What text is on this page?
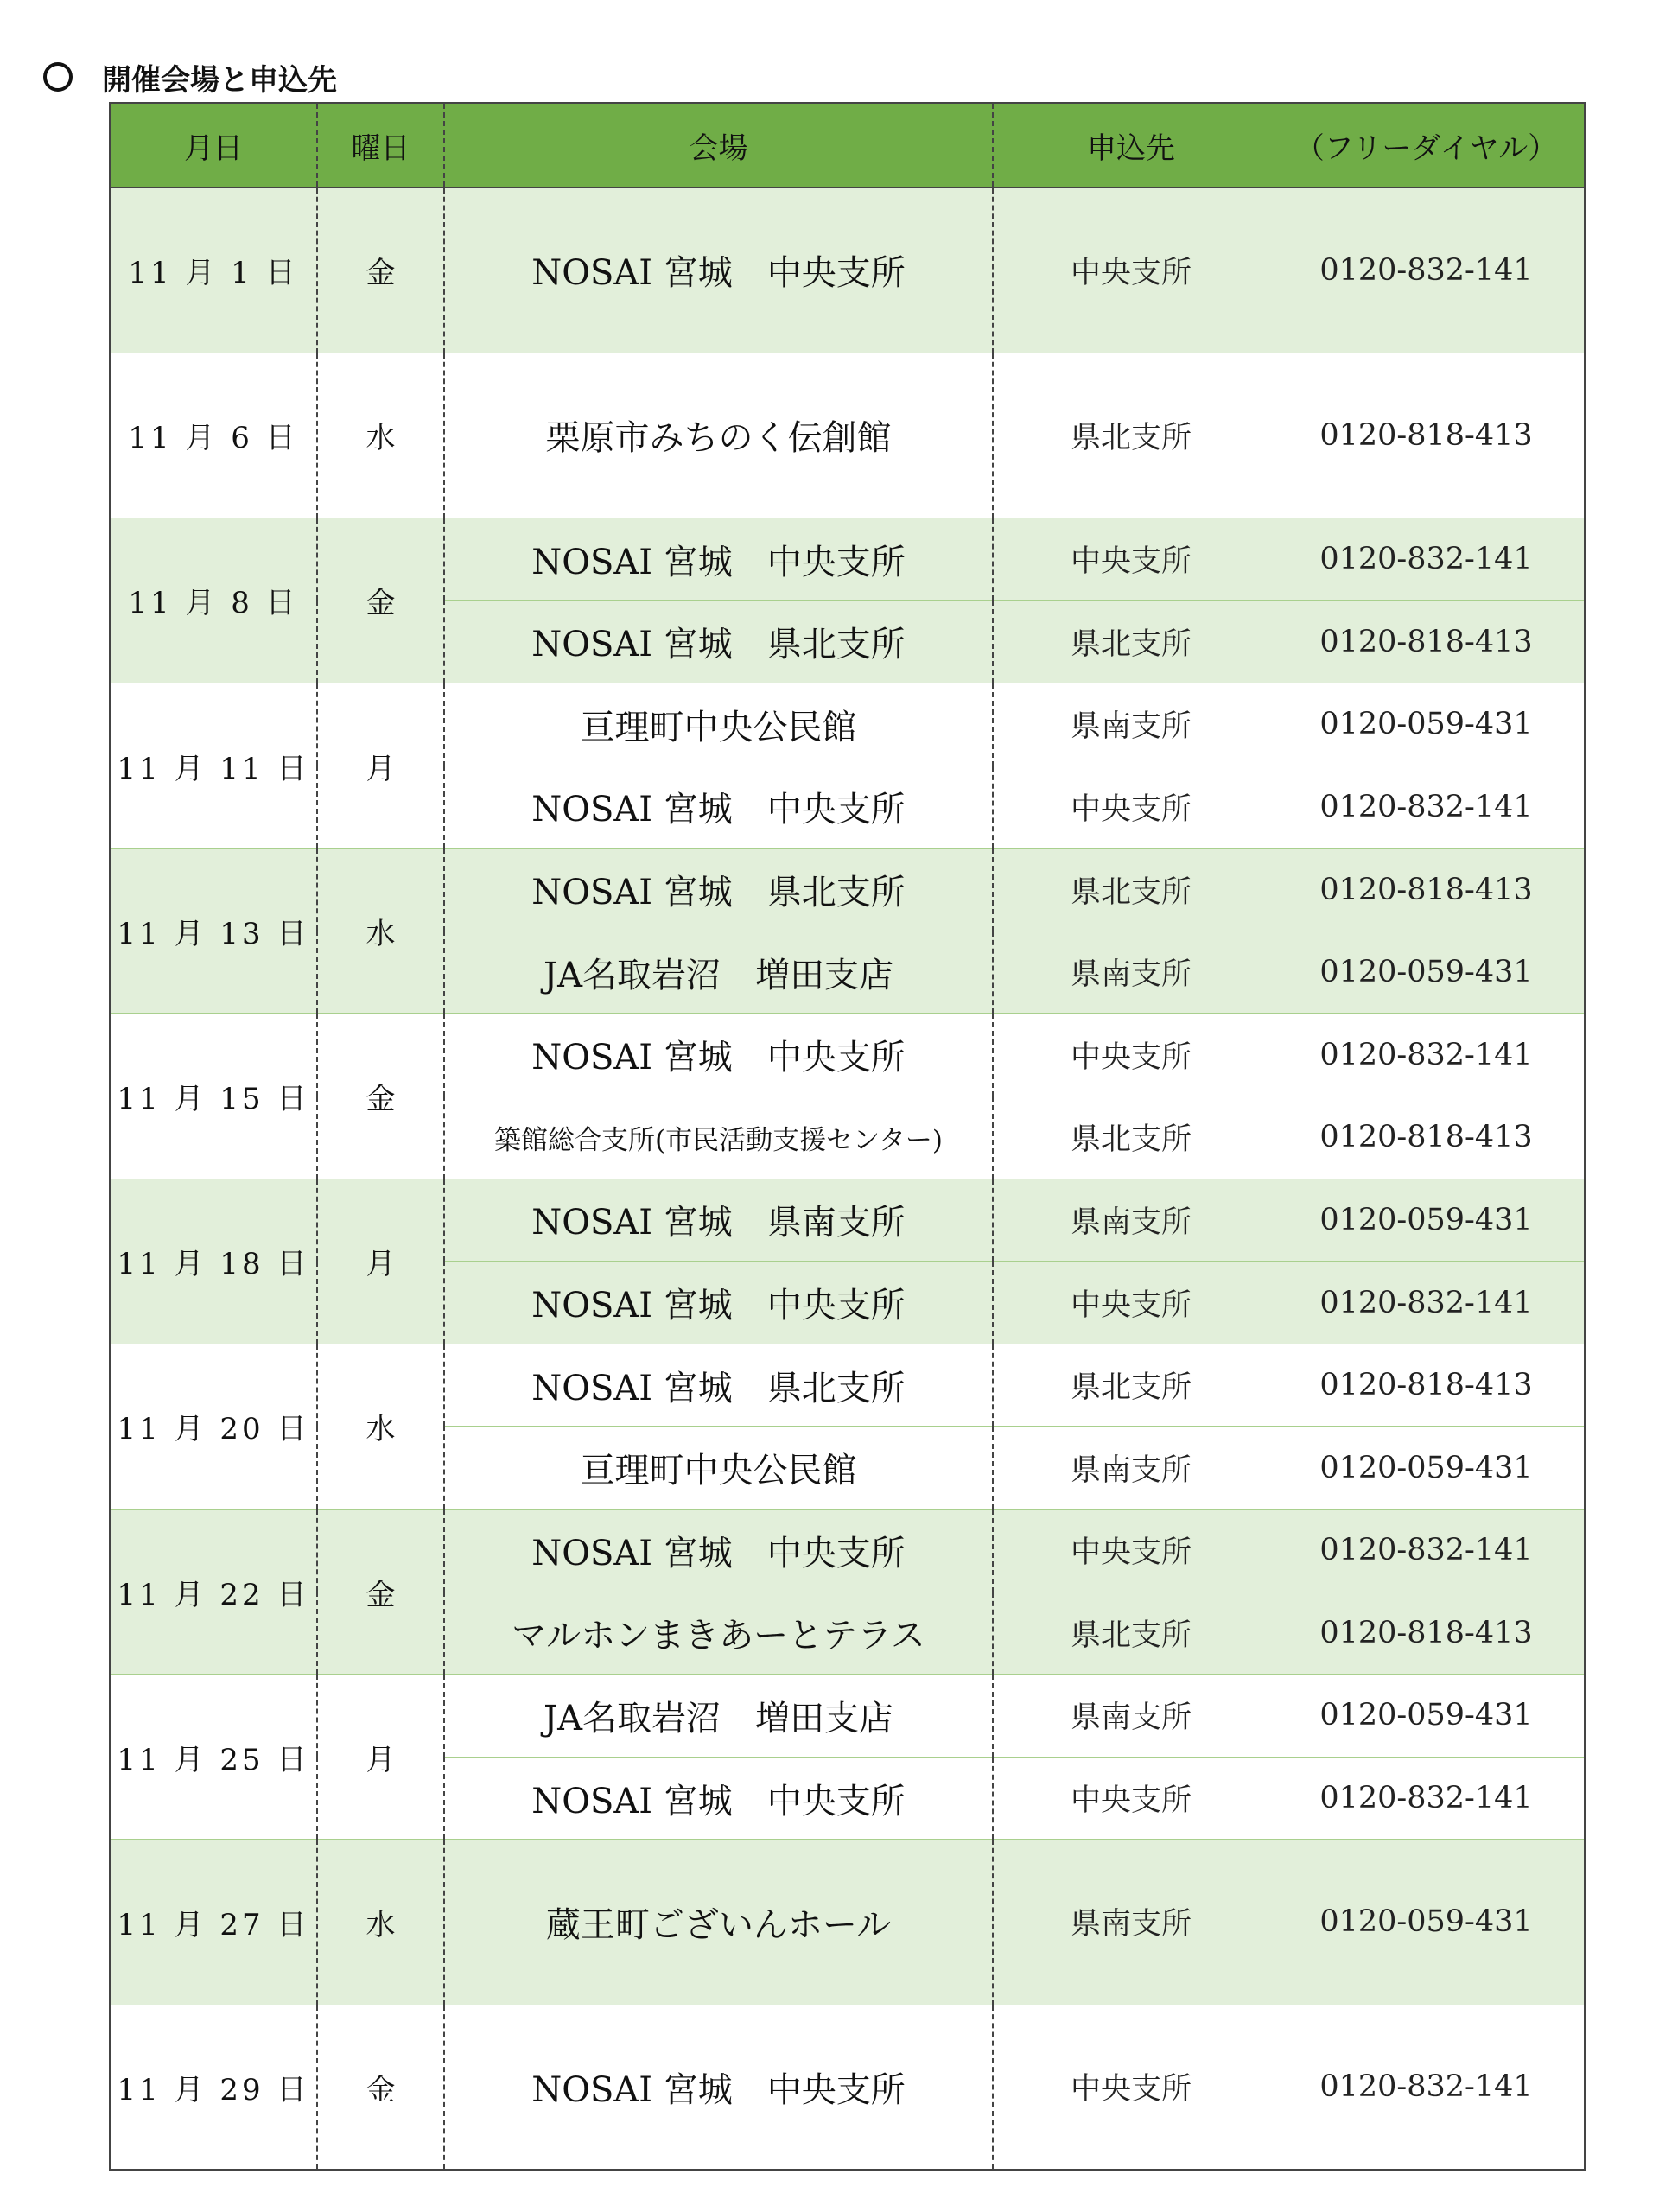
開催会場と申込先
月日	曜日	会場	申込先	（フリーダイヤル）
11 月 1 日	金	NOSAI 宮城　中央支所	中央支所	0120-832-141
11 月 6 日	水	栗原市みちのく伝創館	県北支所	0120-818-413
11 月 8 日	金	NOSAI 宮城　中央支所	中央支所	0120-832-141
		NOSAI 宮城　県北支所	県北支所	0120-818-413
11 月 11 日	月	亘理町中央公民館	県南支所	0120-059-431
		NOSAI 宮城　中央支所	中央支所	0120-832-141
11 月 13 日	水	NOSAI 宮城　県北支所	県北支所	0120-818-413
		JA名取岩沼　増田支店	県南支所	0120-059-431
11 月 15 日	金	NOSAI 宮城　中央支所	中央支所	0120-832-141
		築館総合支所(市民活動支援センター)	県北支所	0120-818-413
11 月 18 日	月	NOSAI 宮城　県南支所	県南支所	0120-059-431
		NOSAI 宮城　中央支所	中央支所	0120-832-141
11 月 20 日	水	NOSAI 宮城　県北支所	県北支所	0120-818-413
		亘理町中央公民館	県南支所	0120-059-431
11 月 22 日	金	NOSAI 宮城　中央支所	中央支所	0120-832-141
		マルホンまきあーとテラス	県北支所	0120-818-413
11 月 25 日	月	JA名取岩沼　増田支店	県南支所	0120-059-431
		NOSAI 宮城　中央支所	中央支所	0120-832-141
11 月 27 日	水	蔵王町ございんホール	県南支所	0120-059-431
11 月 29 日	金	NOSAI 宮城　中央支所	中央支所	0120-832-141
